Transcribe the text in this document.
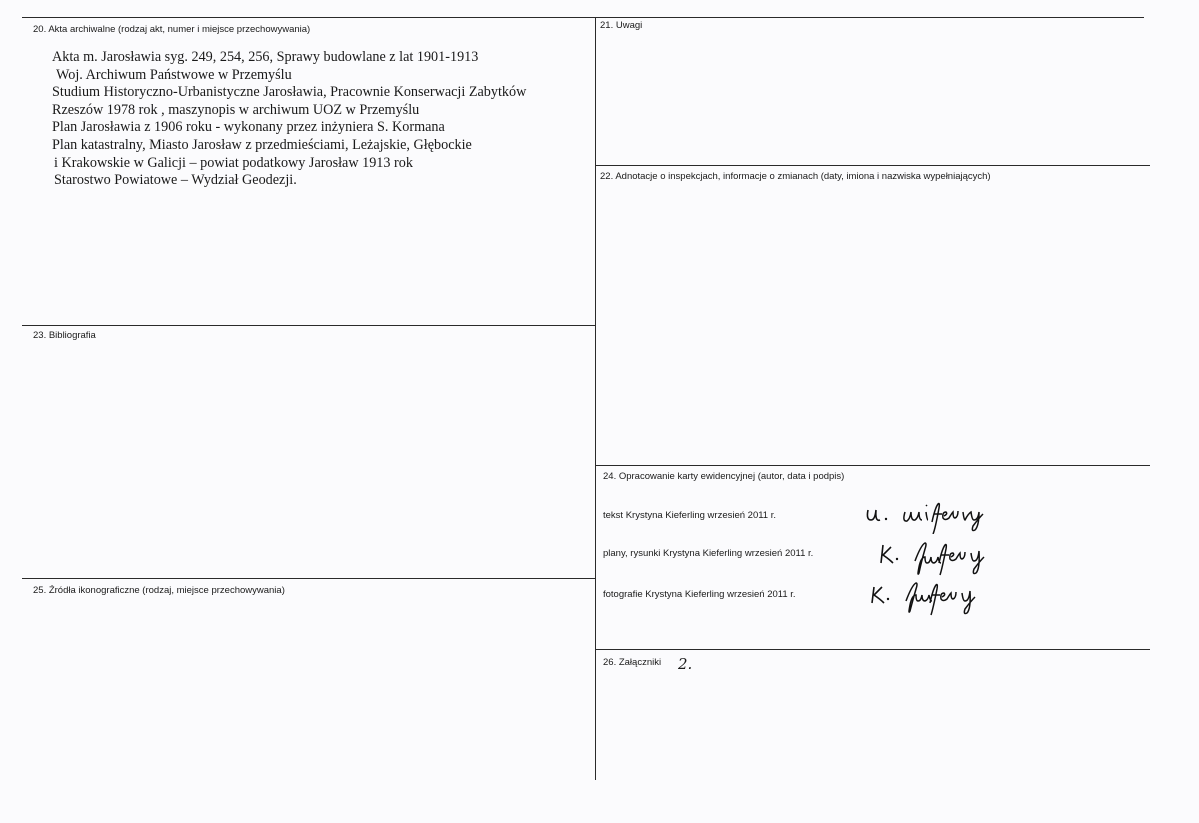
20. Akta archiwalne (rodzaj akt, numer i miejsce przechowywania)	21. Uwagi
22. Adnotacje o inspekcjach, informacje o zmianach (daty, imiona i nazwiska wypełniających)
23. Bibliografia
24. Opracowanie karty ewidencyjnej (autor, data i podpis)
25. Źródła ikonograficzne (rodzaj, miejsce przechowywania)
26. Załączniki 2.
Akta m. Jarosławia syg. 249, 254, 256, Sprawy budowlane z lat 1901-1913
Woj. Archiwum Państwowe w Przemyślu
Studium Historyczno-Urbanistyczne Jarosławia, Pracownie Konserwacji Zabytków
Rzeszów 1978 rok , maszynopis w archiwum UOZ w Przemyślu
Plan Jarosławia z 1906 roku - wykonany przez inżyniera S. Kormana
Plan katastralny, Miasto Jarosław z przedmieściami, Leżajskie, Głębockie
i Krakowskie w Galicji – powiat podatkowy Jarosław 1913 rok
Starostwo Powiatowe – Wydział Geodezji.
tekst Krystyna Kieferling wrzesień 2011 r.
plany, rysunki Krystyna Kieferling wrzesień 2011 r.
fotografie Krystyna Kieferling wrzesień 2011 r.
